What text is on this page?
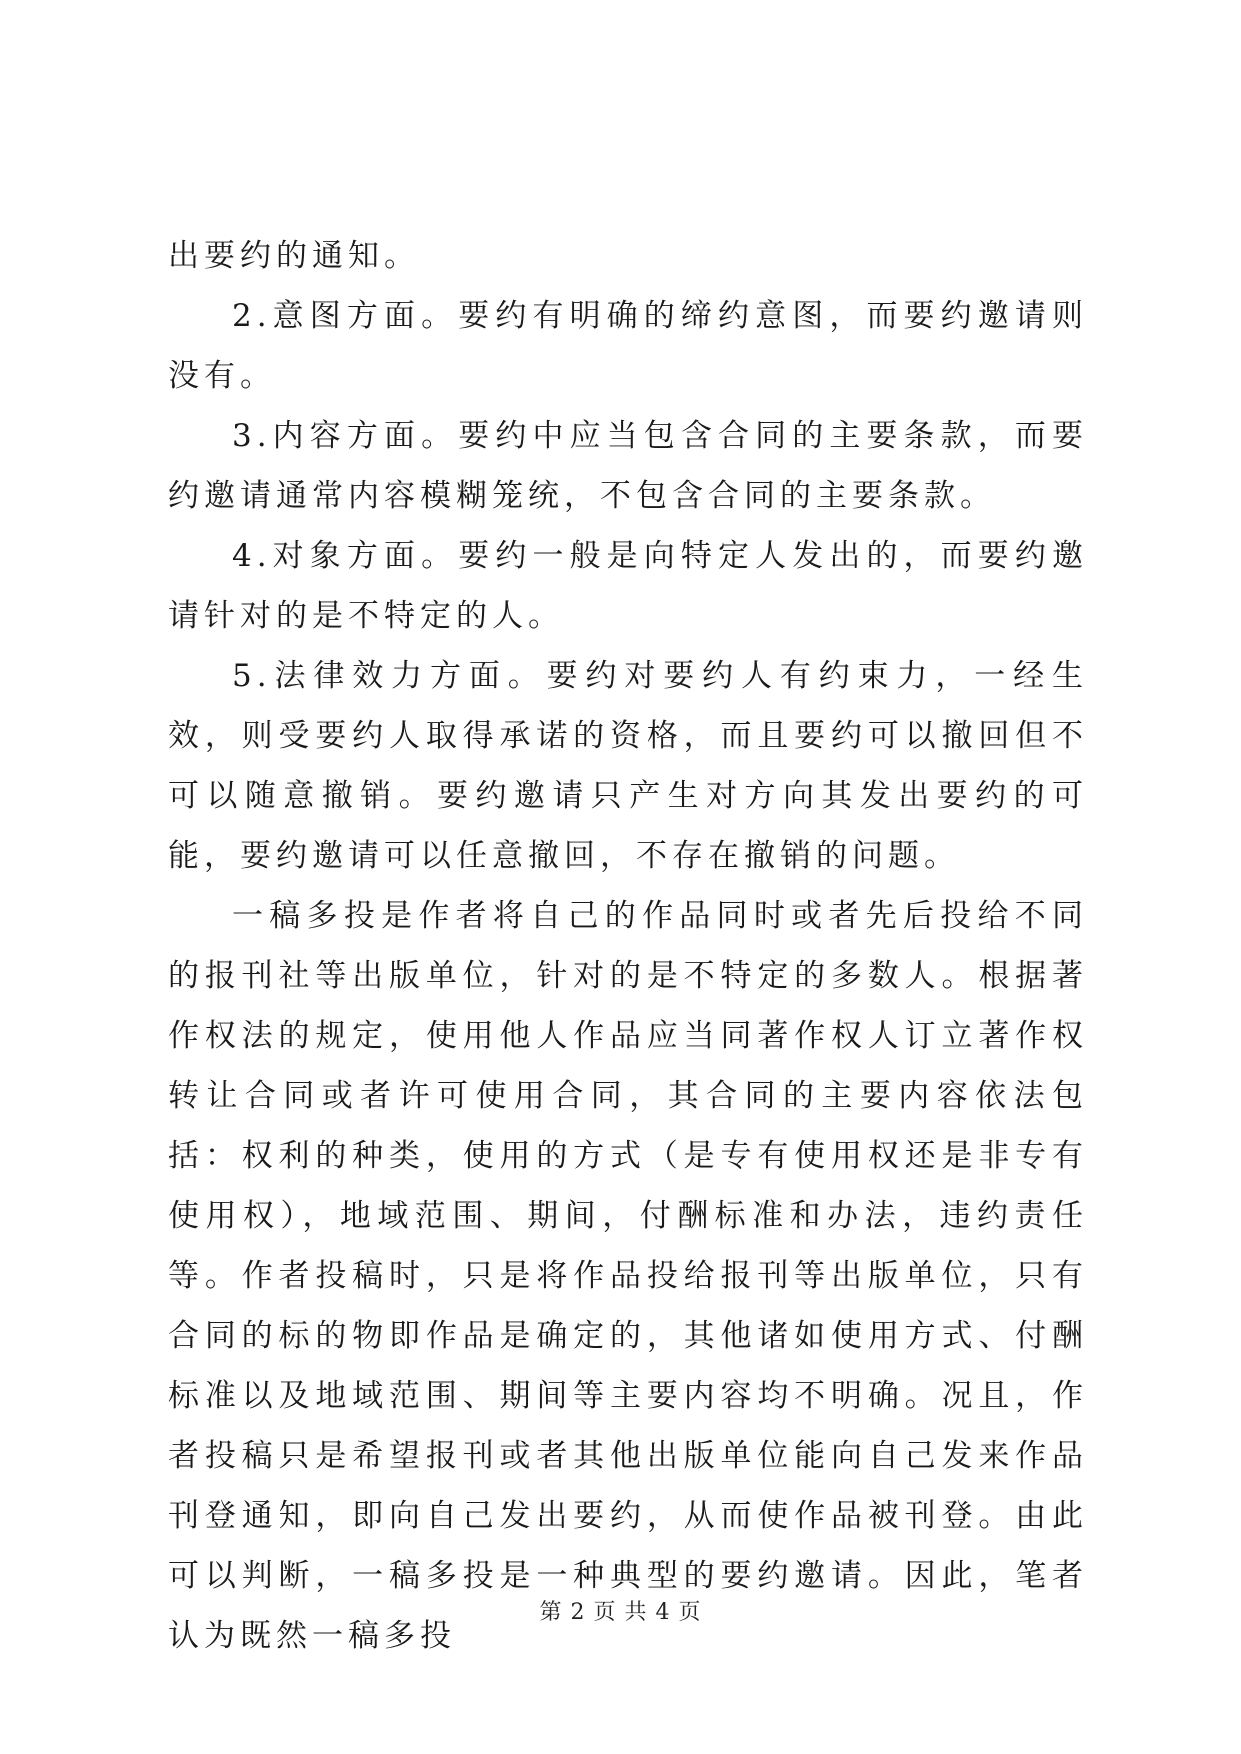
出要约的通知。

2.意图方面。要约有明确的缔约意图，而要约邀请则没有。

3.内容方面。要约中应当包含合同的主要条款，而要约邀请通常内容模糊笼统，不包含合同的主要条款。

4.对象方面。要约一般是向特定人发出的，而要约邀请针对的是不特定的人。

5.法律效力方面。要约对要约人有约束力，一经生效，则受要约人取得承诺的资格，而且要约可以撤回但不可以随意撤销。要约邀请只产生对方向其发出要约的可能，要约邀请可以任意撤回，不存在撤销的问题。

一稿多投是作者将自己的作品同时或者先后投给不同的报刊社等出版单位，针对的是不特定的多数人。根据著作权法的规定，使用他人作品应当同著作权人订立著作权转让合同或者许可使用合同，其合同的主要内容依法包括：权利的种类，使用的方式（是专有使用权还是非专有使用权），地域范围、期间，付酬标准和办法，违约责任等。作者投稿时，只是将作品投给报刊等出版单位，只有合同的标的物即作品是确定的，其他诸如使用方式、付酬标准以及地域范围、期间等主要内容均不明确。况且，作者投稿只是希望报刊或者其他出版单位能向自己发来作品刊登通知，即向自己发出要约，从而使作品被刊登。由此可以判断，一稿多投是一种典型的要约邀请。因此，笔者认为既然一稿多投

第 2 页 共 4 页
